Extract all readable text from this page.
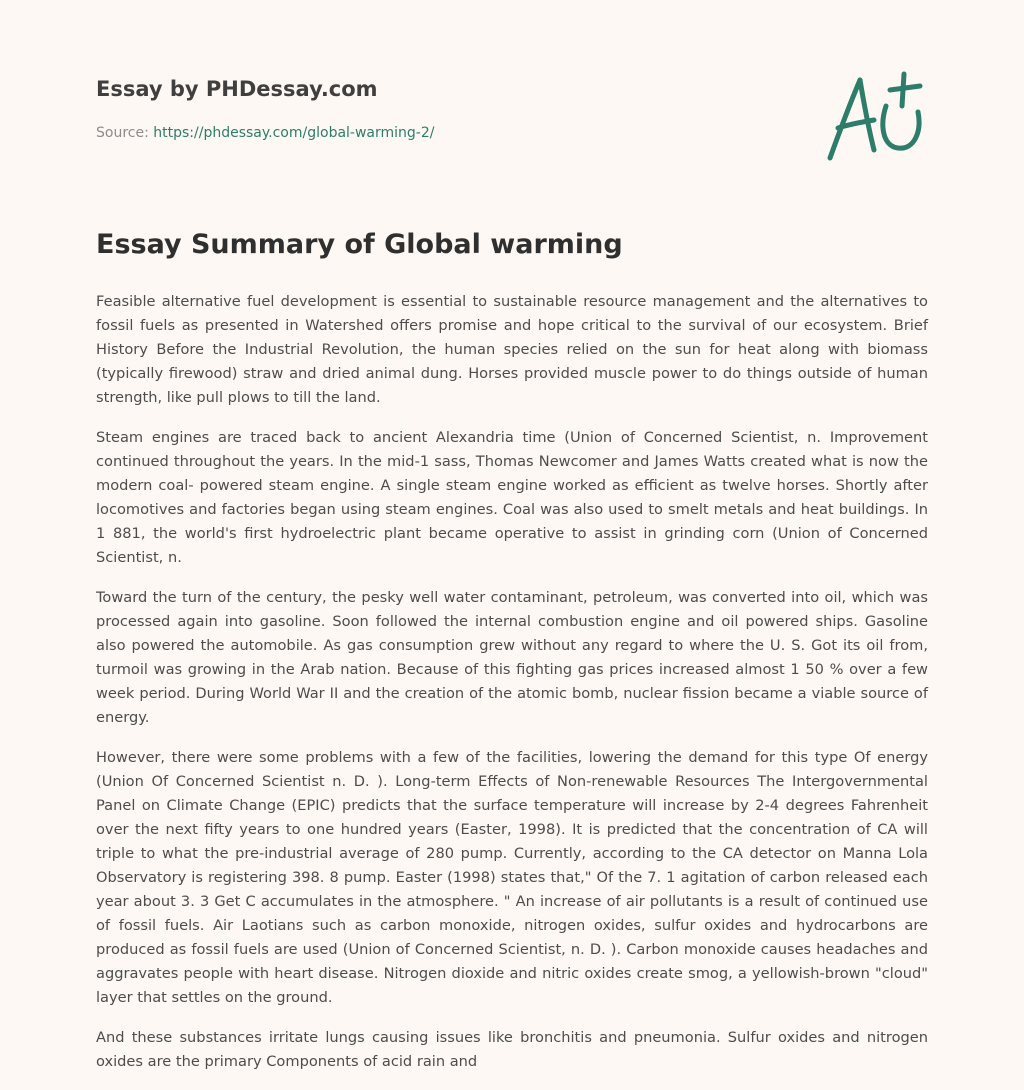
Essay by PHDessay.com
Source: https://phdessay.com/global-warming-2/
Essay Summary of Global warming

Feasible alternative fuel development is essential to sustainable resource management and the alternatives to fossil fuels as presented in Watershed offers promise and hope critical to the survival of our ecosystem. Brief History Before the Industrial Revolution, the human species relied on the sun for heat along with biomass (typically firewood) straw and dried animal dung. Horses provided muscle power to do things outside of human strength, like pull plows to till the land.

Steam engines are traced back to ancient Alexandria time (Union of Concerned Scientist, n. Improvement continued throughout the years. In the mid-1 sass, Thomas Newcomer and James Watts created what is now the modern coal- powered steam engine. A single steam engine worked as efficient as twelve horses. Shortly after locomotives and factories began using steam engines. Coal was also used to smelt metals and heat buildings. In 1 881, the world's first hydroelectric plant became operative to assist in grinding corn (Union of Concerned Scientist, n.

Toward the turn of the century, the pesky well water contaminant, petroleum, was converted into oil, which was processed again into gasoline. Soon followed the internal combustion engine and oil powered ships. Gasoline also powered the automobile. As gas consumption grew without any regard to where the U. S. Got its oil from, turmoil was growing in the Arab nation. Because of this fighting gas prices increased almost 1 50 % over a few week period. During World War II and the creation of the atomic bomb, nuclear fission became a viable source of energy.

However, there were some problems with a few of the facilities, lowering the demand for this type Of energy (Union Of Concerned Scientist n. D. ). Long-term Effects of Non-renewable Resources The Intergovernmental Panel on Climate Change (EPIC) predicts that the surface temperature will increase by 2-4 degrees Fahrenheit over the next fifty years to one hundred years (Easter, 1998). It is predicted that the concentration of CA will triple to what the pre-industrial average of 280 pump. Currently, according to the CA detector on Manna Lola Observatory is registering 398. 8 pump. Easter (1998) states that," Of the 7. 1 agitation of carbon released each year about 3. 3 Get C accumulates in the atmosphere. " An increase of air pollutants is a result of continued use of fossil fuels. Air Laotians such as carbon monoxide, nitrogen oxides, sulfur oxides and hydrocarbons are produced as fossil fuels are used (Union of Concerned Scientist, n. D. ). Carbon monoxide causes headaches and aggravates people with heart disease. Nitrogen dioxide and nitric oxides create smog, a yellowish-brown "cloud" layer that settles on the ground.

And these substances irritate lungs causing issues like bronchitis and pneumonia. Sulfur oxides and nitrogen oxides are the primary Components of acid rain and
